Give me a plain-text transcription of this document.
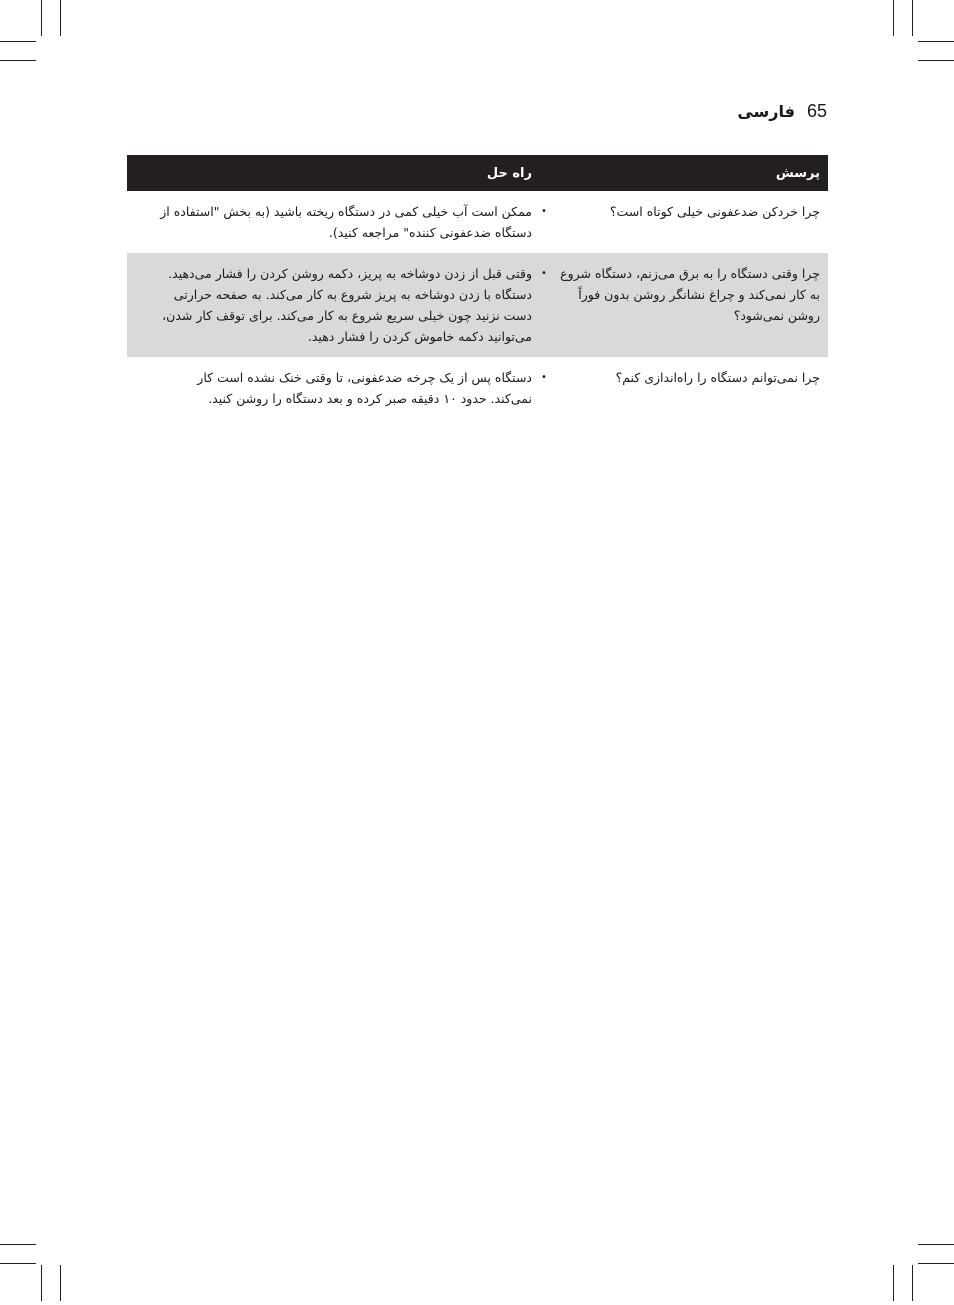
فارسی 65
پرسش
راه حل
چرا خرد‌کن ضدعفونی خیلی کوتاه است؟
•
ممکن است آب خیلی کمی در دستگاه ریخته باشید (به بخش "استفاده از دستگاه ضدعفونی کننده" مراجعه کنید).
چرا وقتی دستگاه را به برق می‌زنم، دستگاه شروع به کار نمی‌کند و چراغ نشانگر روشن بدون فوراً روشن نمی‌شود؟
•
وقتی قبل از زدن دوشاخه به پریز، دکمه روشن کردن را فشار می‌دهید. دستگاه با زدن دوشاخه به پریز شروع به کار می‌کند. به صفحه حرارتی دست نزنید چون خیلی سریع شروع به کار می‌کند. برای توقف کار شدن، می‌توانید دکمه خاموش کردن را فشار دهید.
چرا نمی‌توانم دستگاه را راه‌اندازی کنم؟
•
دستگاه پس از یک چرخه ضدعفونی، تا وقتی خنک نشده است کار نمی‌کند. حدود ۱۰ دقیقه صبر کرده و بعد دستگاه را روشن کنید.
